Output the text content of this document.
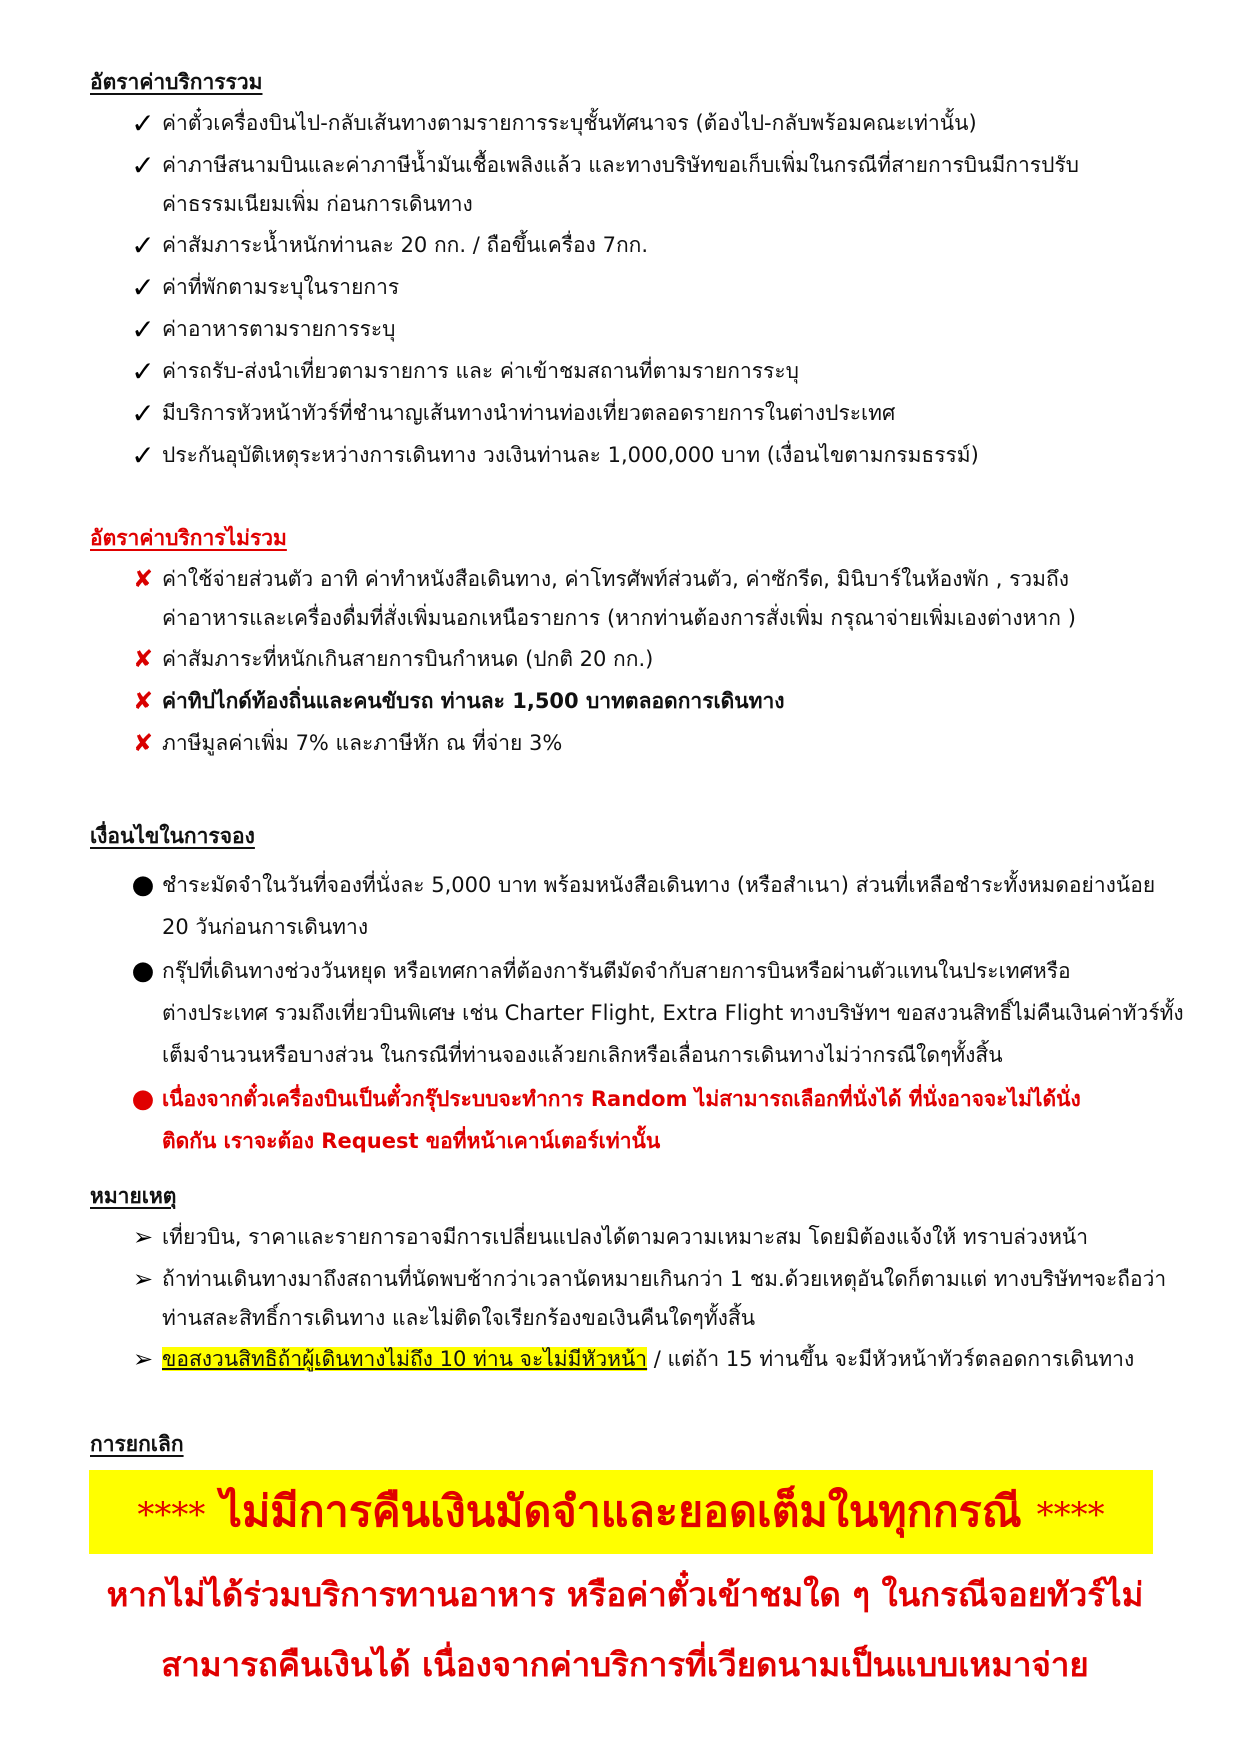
อัตราค่าบริการรวม
✓ ค่าตั๋วเครื่องบินไป-กลับเส้นทางตามรายการระบุชั้นทัศนาจร (ต้องไป-กลับพร้อมคณะเท่านั้น)
✓ ค่าภาษีสนามบินและค่าภาษีน้ำมันเชื้อเพลิงแล้ว และทางบริษัทขอเก็บเพิ่มในกรณีที่สายการบินมีการปรับ
ค่าธรรมเนียมเพิ่ม ก่อนการเดินทาง
✓ ค่าสัมภาระน้ำหนักท่านละ 20 กก. / ถือขึ้นเครื่อง 7กก.
✓ ค่าที่พักตามระบุในรายการ
✓ ค่าอาหารตามรายการระบุ
✓ ค่ารถรับ-ส่งนำเที่ยวตามรายการ และ ค่าเข้าชมสถานที่ตามรายการระบุ
✓ มีบริการหัวหน้าทัวร์ที่ชำนาญเส้นทางนำท่านท่องเที่ยวตลอดรายการในต่างประเทศ
✓ ประกันอุบัติเหตุระหว่างการเดินทาง วงเงินท่านละ 1,000,000 บาท (เงื่อนไขตามกรมธรรม์)
อัตราค่าบริการไม่รวม
✘ ค่าใช้จ่ายส่วนตัว อาทิ ค่าทำหนังสือเดินทาง, ค่าโทรศัพท์ส่วนตัว, ค่าซักรีด, มินิบาร์ในห้องพัก , รวมถึง
ค่าอาหารและเครื่องดื่มที่สั่งเพิ่มนอกเหนือรายการ (หากท่านต้องการสั่งเพิ่ม กรุณาจ่ายเพิ่มเองต่างหาก )
✘ ค่าสัมภาระที่หนักเกินสายการบินกำหนด (ปกติ 20 กก.)
✘ ค่าทิปไกด์ท้องถิ่นและคนขับรถ ท่านละ 1,500 บาทตลอดการเดินทาง
✘ ภาษีมูลค่าเพิ่ม 7% และภาษีหัก ณ ที่จ่าย 3%
เงื่อนไขในการจอง
● ชำระมัดจำในวันที่จองที่นั่งละ 5,000 บาท พร้อมหนังสือเดินทาง (หรือสำเนา) ส่วนที่เหลือชำระทั้งหมดอย่างน้อย
20 วันก่อนการเดินทาง
● กรุ๊ปที่เดินทางช่วงวันหยุด หรือเทศกาลที่ต้องการันตีมัดจำกับสายการบินหรือผ่านตัวแทนในประเทศหรือ
ต่างประเทศ รวมถึงเที่ยวบินพิเศษ เช่น Charter Flight, Extra Flight ทางบริษัทฯ ขอสงวนสิทธิ์ไม่คืนเงินค่าทัวร์ทั้ง
เต็มจำนวนหรือบางส่วน ในกรณีที่ท่านจองแล้วยกเลิกหรือเลื่อนการเดินทางไม่ว่ากรณีใดๆทั้งสิ้น
● เนื่องจากตั๋วเครื่องบินเป็นตั๋วกรุ๊ประบบจะทำการ Random ไม่สามารถเลือกที่นั่งได้ ที่นั่งอาจจะไม่ได้นั่ง
ติดกัน เราจะต้อง Request ขอที่หน้าเคาน์เตอร์เท่านั้น
หมายเหตุ
➢ เที่ยวบิน, ราคาและรายการอาจมีการเปลี่ยนแปลงได้ตามความเหมาะสม โดยมิต้องแจ้งให้ ทราบล่วงหน้า
➢ ถ้าท่านเดินทางมาถึงสถานที่นัดพบช้ากว่าเวลานัดหมายเกินกว่า 1 ชม.ด้วยเหตุอันใดก็ตามแต่ ทางบริษัทฯจะถือว่า
ท่านสละสิทธิ์การเดินทาง และไม่ติดใจเรียกร้องขอเงินคืนใดๆทั้งสิ้น
➢ ขอสงวนสิทธิถ้าผู้เดินทางไม่ถึง 10 ท่าน จะไม่มีหัวหน้า / แต่ถ้า 15 ท่านขึ้น จะมีหัวหน้าทัวร์ตลอดการเดินทาง
การยกเลิก
**** ไม่มีการคืนเงินมัดจำและยอดเต็มในทุกกรณี ****
หากไม่ได้ร่วมบริการทานอาหาร หรือค่าตั๋วเข้าชมใด ๆ ในกรณีจอยทัวร์ไม่
สามารถคืนเงินได้ เนื่องจากค่าบริการที่เวียดนามเป็นแบบเหมาจ่าย
